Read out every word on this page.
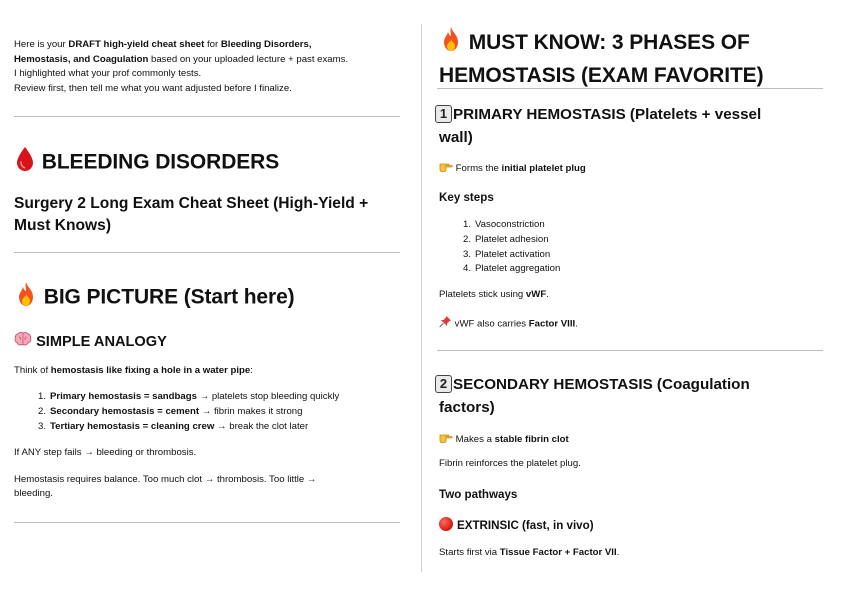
Here is your DRAFT high-yield cheat sheet for Bleeding Disorders,
Hemostasis, and Coagulation based on your uploaded lecture + past exams.
I highlighted what your prof commonly tests.
Review first, then tell me what you want adjusted before I finalize.
BLEEDING DISORDERS
Surgery 2 Long Exam Cheat Sheet (High-Yield +
Must Knows)
BIG PICTURE (Start here)
SIMPLE ANALOGY
Think of hemostasis like fixing a hole in a water pipe:
1. Primary hemostasis = sandbags → platelets stop bleeding quickly
2. Secondary hemostasis = cement → fibrin makes it strong
3. Tertiary hemostasis = cleaning crew → break the clot later
If ANY step fails → bleeding or thrombosis.
Hemostasis requires balance. Too much clot → thrombosis. Too little →
bleeding.
MUST KNOW: 3 PHASES OF
HEMOSTASIS (EXAM FAVORITE)
1 PRIMARY HEMOSTASIS (Platelets + vessel
wall)
Forms the initial platelet plug
Key steps
1. Vasoconstriction
2. Platelet adhesion
3. Platelet activation
4. Platelet aggregation
Platelets stick using vWF.
vWF also carries Factor VIII.
2 SECONDARY HEMOSTASIS (Coagulation
factors)
Makes a stable fibrin clot
Fibrin reinforces the platelet plug.
Two pathways
EXTRINSIC (fast, in vivo)
Starts first via Tissue Factor + Factor VII.
